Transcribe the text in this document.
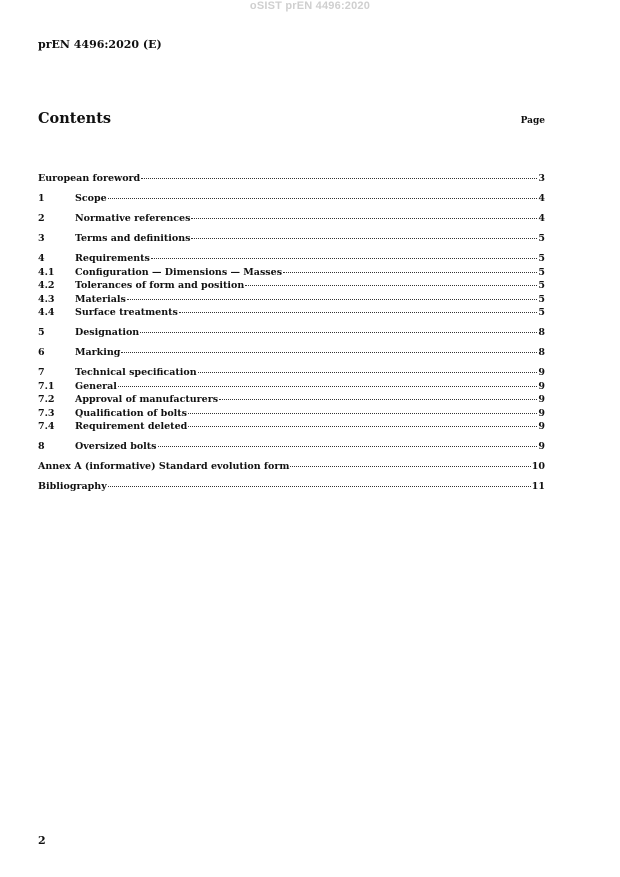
oSIST prEN 4496:2020
prEN 4496:2020 (E)
Contents	Page
European foreword	3
1	Scope	4
2	Normative references	4
3	Terms and definitions	5
4	Requirements	5
4.1	Configuration — Dimensions — Masses	5
4.2	Tolerances of form and position	5
4.3	Materials	5
4.4	Surface treatments	5
5	Designation	8
6	Marking	8
7	Technical specification	9
7.1	General	9
7.2	Approval of manufacturers	9
7.3	Qualification of bolts	9
7.4	Requirement deleted	9
8	Oversized bolts	9
Annex A (informative) Standard evolution form	10
Bibliography	11
2
